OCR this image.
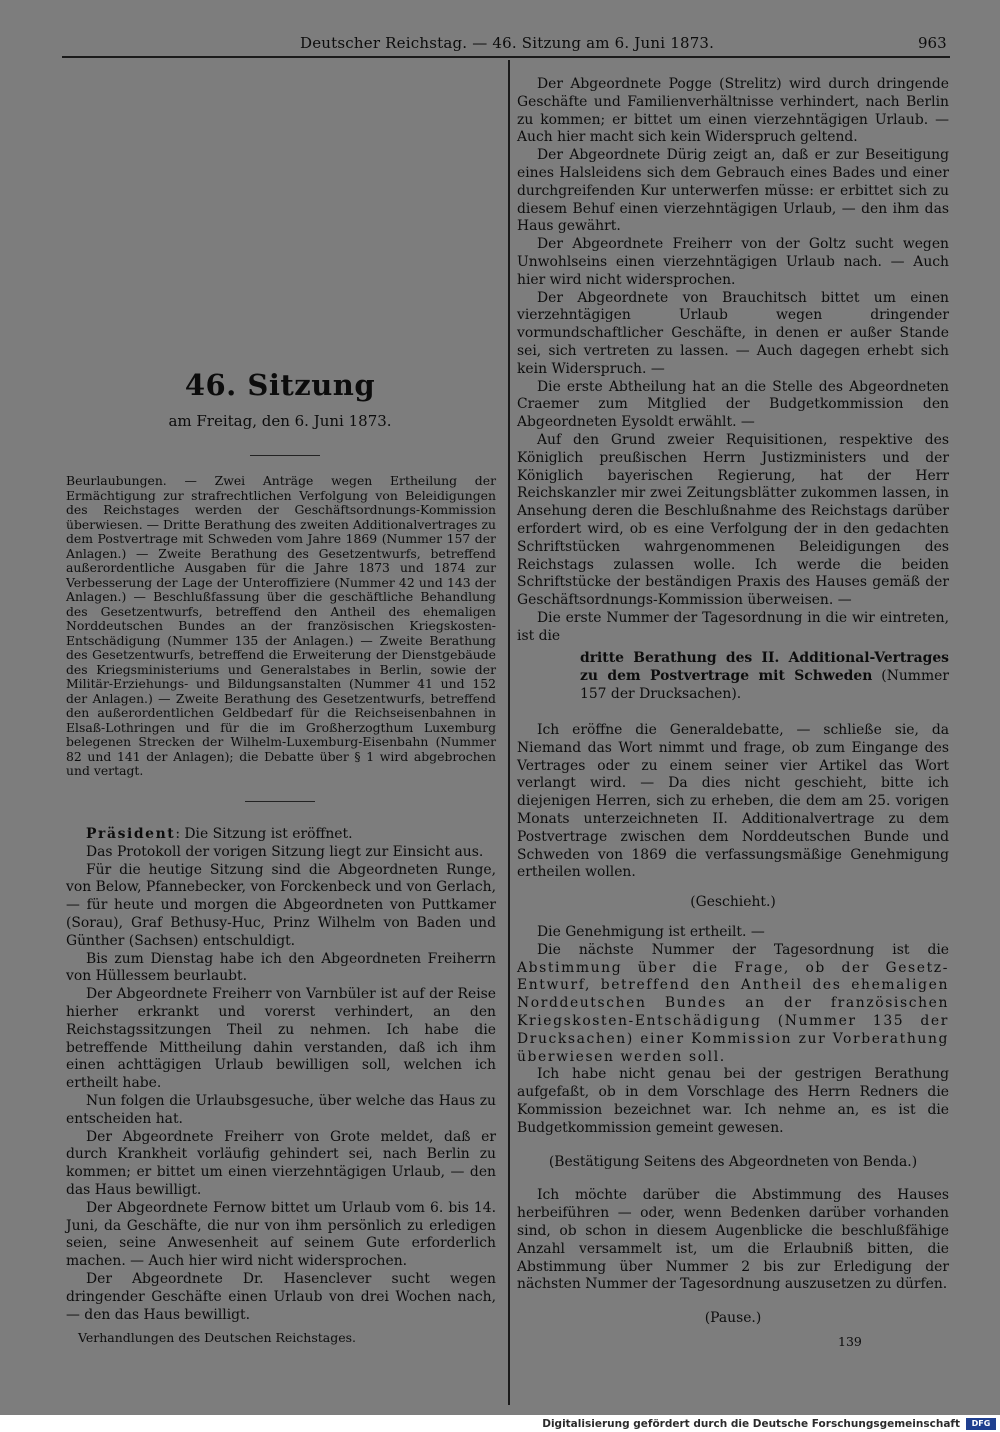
Deutscher Reichstag. — 46. Sitzung am 6. Juni 1873.	963
46. Sitzung
am Freitag, den 6. Juni 1873.

Beurlaubungen. — Zwei Anträge wegen Ertheilung der Ermächtigung zur strafrechtlichen Verfolgung von Beleidigungen des Reichstages werden der Geschäftsordnungs-Kommission überwiesen. — Dritte Berathung des zweiten Additionalvertrages zu dem Postvertrage mit Schweden vom Jahre 1869 (Nummer 157 der Anlagen.) — Zweite Berathung des Gesetzentwurfs, betreffend außerordentliche Ausgaben für die Jahre 1873 und 1874 zur Verbesserung der Lage der Unteroffiziere (Nummer 42 und 143 der Anlagen.) — Beschlußfassung über die geschäftliche Behandlung des Gesetzentwurfs, betreffend den Antheil des ehemaligen Norddeutschen Bundes an der französischen Kriegskosten-Entschädigung (Nummer 135 der Anlagen.) — Zweite Berathung des Gesetzentwurfs, betreffend die Erweiterung der Dienstgebäude des Kriegsministeriums und Generalstabes in Berlin, sowie der Militär-Erziehungs- und Bildungsanstalten (Nummer 41 und 152 der Anlagen.) — Zweite Berathung des Gesetzentwurfs, betreffend den außerordentlichen Geldbedarf für die Reichseisenbahnen in Elsaß-Lothringen und für die im Großherzogthum Luxemburg belegenen Strecken der Wilhelm-Luxemburg-Eisenbahn (Nummer 82 und 141 der Anlagen); die Debatte über § 1 wird abgebrochen und vertagt.

Präsident: Die Sitzung ist eröffnet.

Das Protokoll der vorigen Sitzung liegt zur Einsicht aus.

Für die heutige Sitzung sind die Abgeordneten Runge, von Below, Pfannebecker, von Forckenbeck und von Gerlach, — für heute und morgen die Abgeordneten von Puttkamer (Sorau), Graf Bethusy-Huc, Prinz Wilhelm von Baden und Günther (Sachsen) entschuldigt.

Bis zum Dienstag habe ich den Abgeordneten Freiherrn von Hüllessem beurlaubt.

Der Abgeordnete Freiherr von Varnbüler ist auf der Reise hierher erkrankt und vorerst verhindert, an den Reichstagssitzungen Theil zu nehmen. Ich habe die betreffende Mittheilung dahin verstanden, daß ich ihm einen achttägigen Urlaub bewilligen soll, welchen ich ertheilt habe.

Nun folgen die Urlaubsgesuche, über welche das Haus zu entscheiden hat.

Der Abgeordnete Freiherr von Grote meldet, daß er durch Krankheit vorläufig gehindert sei, nach Berlin zu kommen; er bittet um einen vierzehntägigen Urlaub, — den das Haus bewilligt.

Der Abgeordnete Fernow bittet um Urlaub vom 6. bis 14. Juni, da Geschäfte, die nur von ihm persönlich zu erledigen seien, seine Anwesenheit auf seinem Gute erforderlich machen. — Auch hier wird nicht widersprochen.

Der Abgeordnete Dr. Hasenclever sucht wegen dringender Geschäfte einen Urlaub von drei Wochen nach, — den das Haus bewilligt.

Verhandlungen des Deutschen Reichstages.

Der Abgeordnete Pogge (Strelitz) wird durch dringende Geschäfte und Familienverhältnisse verhindert, nach Berlin zu kommen; er bittet um einen vierzehntägigen Urlaub. — Auch hier macht sich kein Widerspruch geltend.

Der Abgeordnete Dürig zeigt an, daß er zur Beseitigung eines Halsleidens sich dem Gebrauch eines Bades und einer durchgreifenden Kur unterwerfen müsse: er erbittet sich zu diesem Behuf einen vierzehntägigen Urlaub, — den ihm das Haus gewährt.

Der Abgeordnete Freiherr von der Goltz sucht wegen Unwohlseins einen vierzehntägigen Urlaub nach. — Auch hier wird nicht widersprochen.

Der Abgeordnete von Brauchitsch bittet um einen vierzehntägigen Urlaub wegen dringender vormundschaftlicher Geschäfte, in denen er außer Stande sei, sich vertreten zu lassen. — Auch dagegen erhebt sich kein Widerspruch. —

Die erste Abtheilung hat an die Stelle des Abgeordneten Craemer zum Mitglied der Budgetkommission den Abgeordneten Eysoldt erwählt. —

Auf den Grund zweier Requisitionen, respektive des Königlich preußischen Herrn Justizministers und der Königlich bayerischen Regierung, hat der Herr Reichskanzler mir zwei Zeitungsblätter zukommen lassen, in Ansehung deren die Beschlußnahme des Reichstags darüber erfordert wird, ob es eine Verfolgung der in den gedachten Schriftstücken wahrgenommenen Beleidigungen des Reichstags zulassen wolle. Ich werde die beiden Schriftstücke der beständigen Praxis des Hauses gemäß der Geschäftsordnungs-Kommission überweisen. —

Die erste Nummer der Tagesordnung in die wir eintreten, ist die

dritte Berathung des II. Additional-Vertrages zu dem Postvertrage mit Schweden (Nummer 157 der Drucksachen).

Ich eröffne die Generaldebatte, — schließe sie, da Niemand das Wort nimmt und frage, ob zum Eingange des Vertrages oder zu einem seiner vier Artikel das Wort verlangt wird. — Da dies nicht geschieht, bitte ich diejenigen Herren, sich zu erheben, die dem am 25. vorigen Monats unterzeichneten II. Additionalvertrage zu dem Postvertrage zwischen dem Norddeutschen Bunde und Schweden von 1869 die verfassungsmäßige Genehmigung ertheilen wollen.

(Geschieht.)

Die Genehmigung ist ertheilt. —

Die nächste Nummer der Tagesordnung ist die Abstimmung über die Frage, ob der Gesetz-Entwurf, betreffend den Antheil des ehemaligen Norddeutschen Bundes an der französischen Kriegskosten-Entschädigung (Nummer 135 der Drucksachen) einer Kommission zur Vorberathung überwiesen werden soll.

Ich habe nicht genau bei der gestrigen Berathung aufgefaßt, ob in dem Vorschlage des Herrn Redners die Kommission bezeichnet war. Ich nehme an, es ist die Budgetkommission gemeint gewesen.

(Bestätigung Seitens des Abgeordneten von Benda.)

Ich möchte darüber die Abstimmung des Hauses herbeiführen — oder, wenn Bedenken darüber vorhanden sind, ob schon in diesem Augenblicke die beschlußfähige Anzahl versammelt ist, um die Erlaubniß bitten, die Abstimmung über Nummer 2 bis zur Erledigung der nächsten Nummer der Tagesordnung auszusetzen zu dürfen.

(Pause.)

139
Digitalisierung gefördert durch die Deutsche Forschungsgemeinschaft	DFG
